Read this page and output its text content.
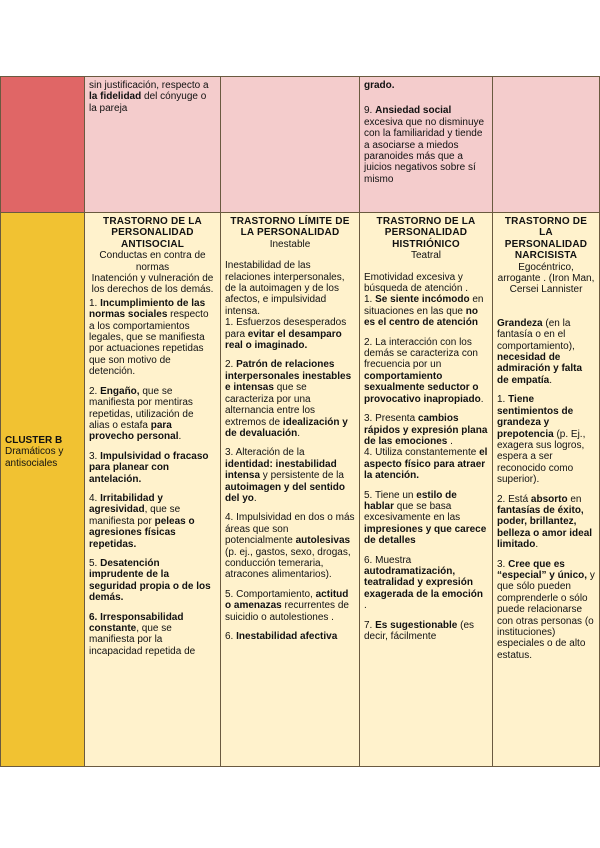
sin justificación, respecto a la fidelidad del cónyuge o la pareja

grado.

9. Ansiedad social excesiva que no disminuye con la familiaridad y tiende a asociarse a miedos paranoides más que a juicios negativos sobre sí mismo

CLUSTER B
Dramáticos y antisociales
TRASTORNO DE LA PERSONALIDAD ANTISOCIAL
Conductas en contra de normas
Inatención y vulneración de los derechos de los demás.

1. Incumplimiento de las normas sociales respecto a los comportamientos legales, que se manifiesta por actuaciones repetidas que son motivo de detención.

2. Engaño, que se manifiesta por mentiras repetidas, utilización de alias o estafa para provecho personal.

3. Impulsividad o fracaso para planear con antelación.

4. Irritabilidad y agresividad, que se manifiesta por peleas o agresiones físicas repetidas.

5. Desatención imprudente de la seguridad propia o de los demás.

6. Irresponsabilidad constante, que se manifiesta por la incapacidad repetida de

TRASTORNO LÍMITE DE LA PERSONALIDAD
Inestable

Inestabilidad de las relaciones interpersonales, de la autoimagen y de los afectos, e impulsividad intensa.

1. Esfuerzos desesperados para evitar el desamparo real o imaginado.

2. Patrón de relaciones interpersonales inestables e intensas que se caracteriza por una alternancia entre los extremos de idealización y de devaluación.

3. Alteración de la identidad: inestabilidad intensa y persistente de la autoimagen y del sentido del yo.

4. Impulsividad en dos o más áreas que son potencialmente autolesivas (p. ej., gastos, sexo, drogas, conducción temeraria, atracones alimentarios).

5. Comportamiento, actitud o amenazas recurrentes de suicidio o autolestiones .

6. Inestabilidad afectiva

TRASTORNO DE LA PERSONALIDAD HISTRIÓNICO
Teatral

Emotividad excesiva y búsqueda de atención .

1. Se siente incómodo en situaciones en las que no es el centro de atención

2. La interacción con los demás se caracteriza con frecuencia por un comportamiento sexualmente seductor o provocativo inapropiado.

3. Presenta cambios rápidos y expresión plana de las emociones .

4. Utiliza constantemente el aspecto físico para atraer la atención.

5. Tiene un estilo de hablar que se basa excesivamente en las impresiones y que carece de detalles

6. Muestra autodramatización, teatralidad y expresión exagerada de la emoción .

7. Es sugestionable (es decir, fácilmente

TRASTORNO DE LA PERSONALIDAD NARCISISTA
Egocéntrico,
arrogante . (Iron Man, Cersei Lannister

Grandeza (en la fantasía o en el comportamiento), necesidad de admiración y falta de empatía.

1. Tiene sentimientos de grandeza y prepotencia (p. Ej., exagera sus logros, espera a ser reconocido como superior).

2. Está absorto en fantasías de éxito, poder, brillantez, belleza o amor ideal limitado.

3. Cree que es “especial” y único, y que sólo pueden comprenderle o sólo puede relacionarse con otras personas (o instituciones) especiales o de alto estatus.
